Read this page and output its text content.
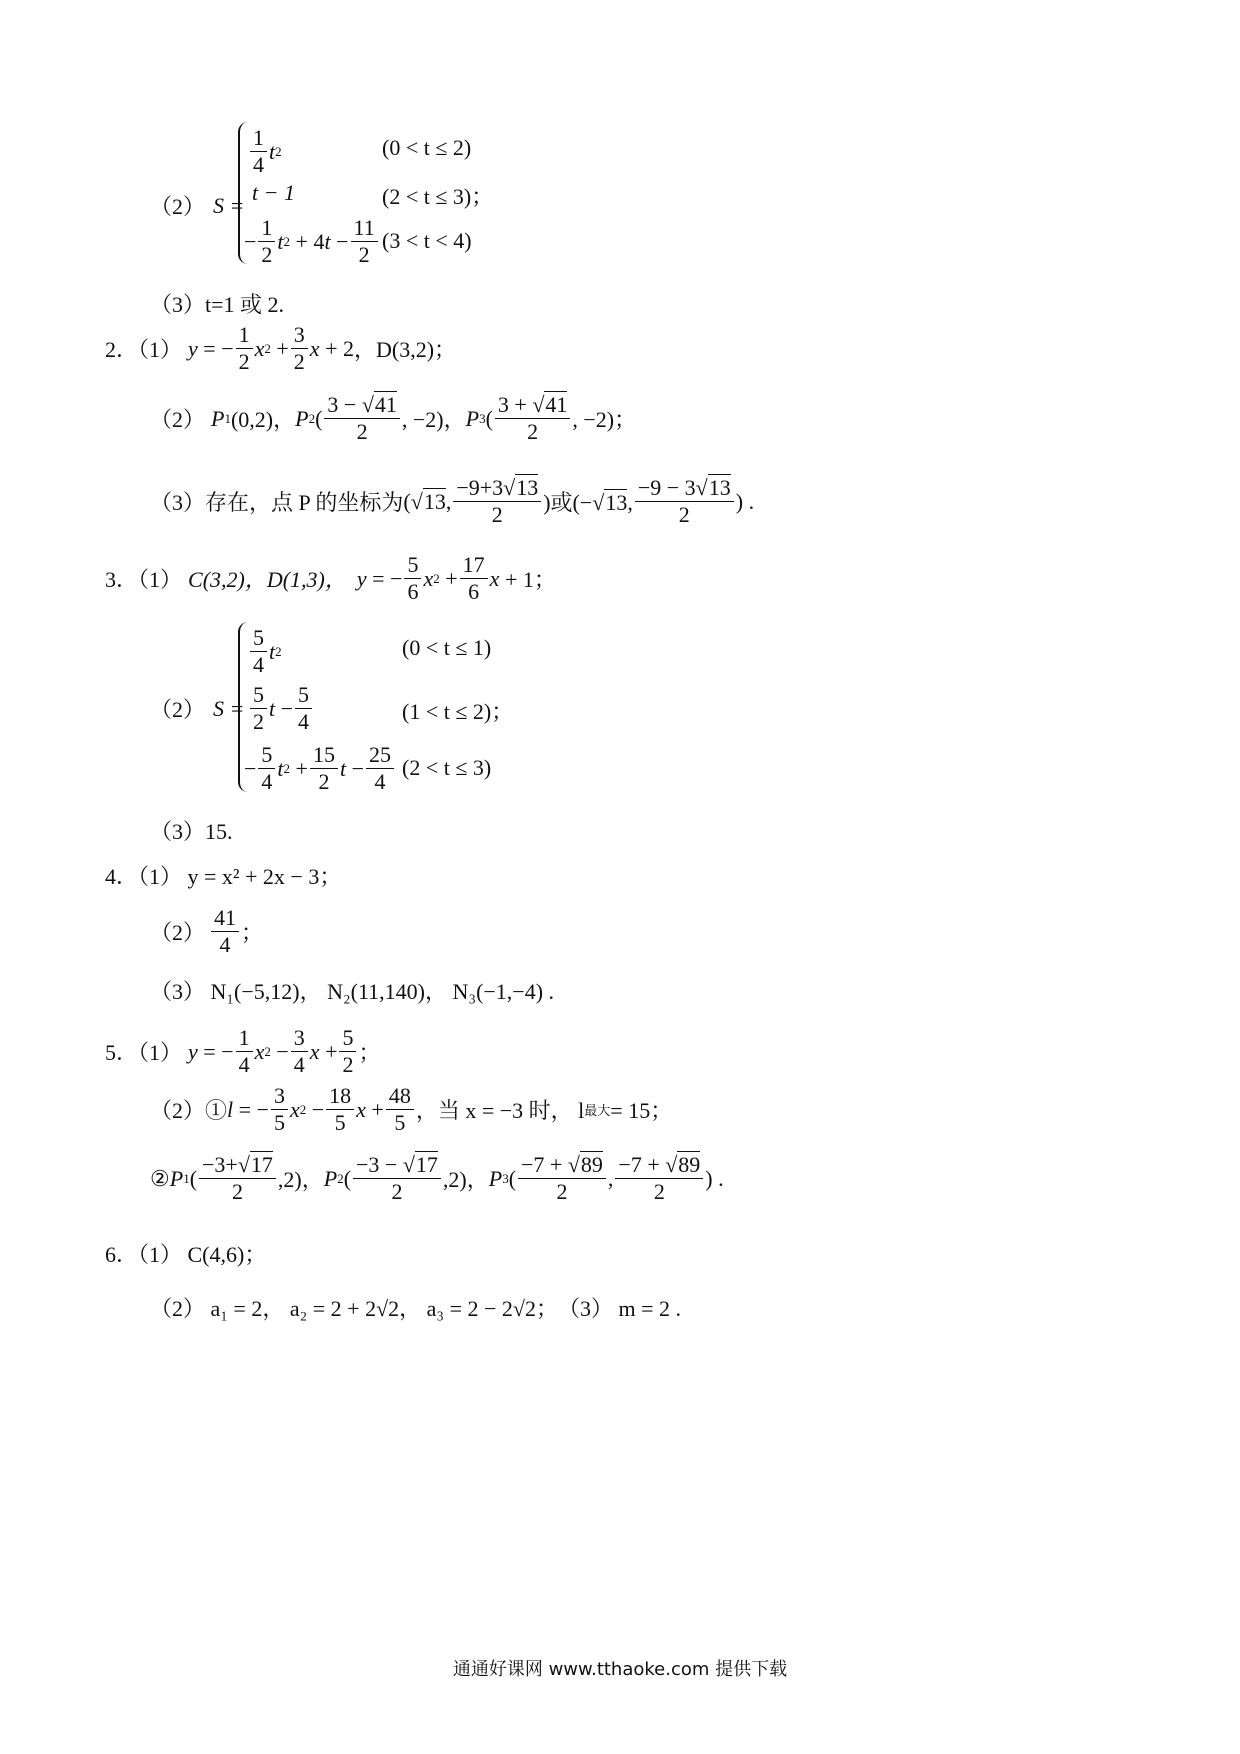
（2） S =
$\frac{1}{4}$ t 2	(0 < t ≤ 2)
t − 1	(2 < t ≤ 3)；
− $\frac{1}{2}$ t 2 + 4 $t - \frac{11}{2} (3 < t < 4)$
（3）t=1 或 2.
2．（1） y = − $\frac{1}{2}$ x $2 + \frac{3}{2}$ x + 2 ，D(3,2)；
（2） P 1 (0,2)， P 2 ( $\frac{3 - √41}{2}$ , −2)， P 3 ( $\frac{3 + √41}{2}$ , −2)；
（3）存在，点 P 的坐标为 (√13, $\frac{-9+3√13}{2}$ )或(−√13, $\frac{-9 - 3√13}{2}$ ) .
3．（1） C(3,2)，D(1,3)， y = − $\frac{5}{6}$ x $2 + \frac{17}{6}$ x + 1；
（2） S =
$\frac{5}{4}$ t 2	(0 < t ≤ 1)
$\frac{5}{2}$ $t - \frac{5}{4}$	(1 < t ≤ 2)；
− $\frac{5}{4}$ t $2 + \frac{15}{2}$ $t - \frac{25}{4} (2 < t \le 3)$
（3）15.
4．（1） y = x² + 2x − 3；
$(2) \frac{41}{4}$ ；
（3） N₁(−5,12)， N₂(11,140)， N₃(−1,−4) .
5．（1） y = − $\frac{1}{4}$ x $2 - \frac{3}{4}$ $x + \frac{5}{2}$ ；
（2）① l = − $\frac{3}{5}$ x $2 - \frac{18}{5}$ $x + \frac{48}{5}$ ，当 x = −3 时， l 最大 = 15；
② P 1 ( $\frac{-3+√17}{2} ,2$)， P 2 ( $\frac{-3 - √17}{2} ,2$)， P 3 ( $\frac{-7 + √89}{2}$ , $\frac{-7 + √89}{2}$ ) .
6．（1） C(4,6)；
（2） a₁ = 2， a₂ = 2 + 2√2， a₃ = 2 − 2√2；　（3） m = 2 .
通通好课网 www.tthaoke.com 提供下载
